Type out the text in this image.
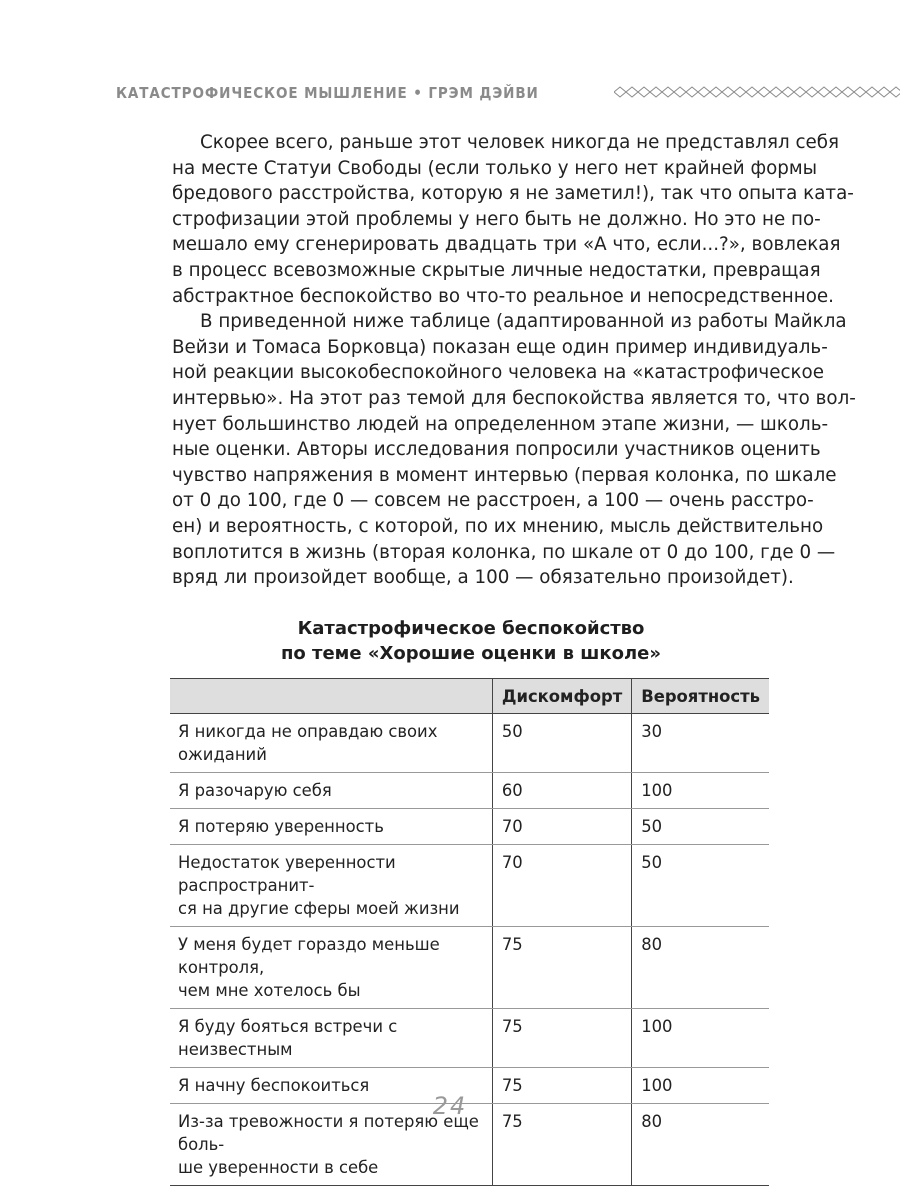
КАТАСТРОФИЧЕСКОЕ МЫШЛЕНИЕ • ГРЭМ ДЭЙВИ

Скорее всего, раньше этот человек никогда не представлял себя
на месте Статуи Свободы (если только у него нет крайней формы
бредового расстройства, которую я не заметил!), так что опыта ката-
строфизации этой проблемы у него быть не должно. Но это не по-
мешало ему сгенерировать двадцать три «А что, если...?», вовлекая
в процесс всевозможные скрытые личные недостатки, превращая
абстрактное беспокойство во что-то реальное и непосредственное.

В приведенной ниже таблице (адаптированной из работы Майкла
Вейзи и Томаса Борковца) показан еще один пример индивидуаль-
ной реакции высокобеспокойного человека на «катастрофическое
интервью». На этот раз темой для беспокойства является то, что вол-
нует большинство людей на определенном этапе жизни, — школь-
ные оценки. Авторы исследования попросили участников оценить
чувство напряжения в момент интервью (первая колонка, по шкале
от 0 до 100, где 0 — совсем не расстроен, а 100 — очень расстро-
ен) и вероятность, с которой, по их мнению, мысль действительно
воплотится в жизнь (вторая колонка, по шкале от 0 до 100, где 0 —
вряд ли произойдет вообще, а 100 — обязательно произойдет).

Катастрофическое беспокойство
по теме «Хорошие оценки в школе»
	Дискомфорт	Вероятность

Я никогда не оправдаю своих ожиданий	50	30

Я разочарую себя	60	100

Я потеряю уверенность	70	50

Недостаток уверенности распространит-
ся на другие сферы моей жизни	70	50

У меня будет гораздо меньше контроля,
чем мне хотелось бы	75	80

Я буду бояться встречи с неизвестным	75	100

Я начну беспокоиться	75	100

Из-за тревожности я потеряю еще боль-
ше уверенности в себе	75	80
24
